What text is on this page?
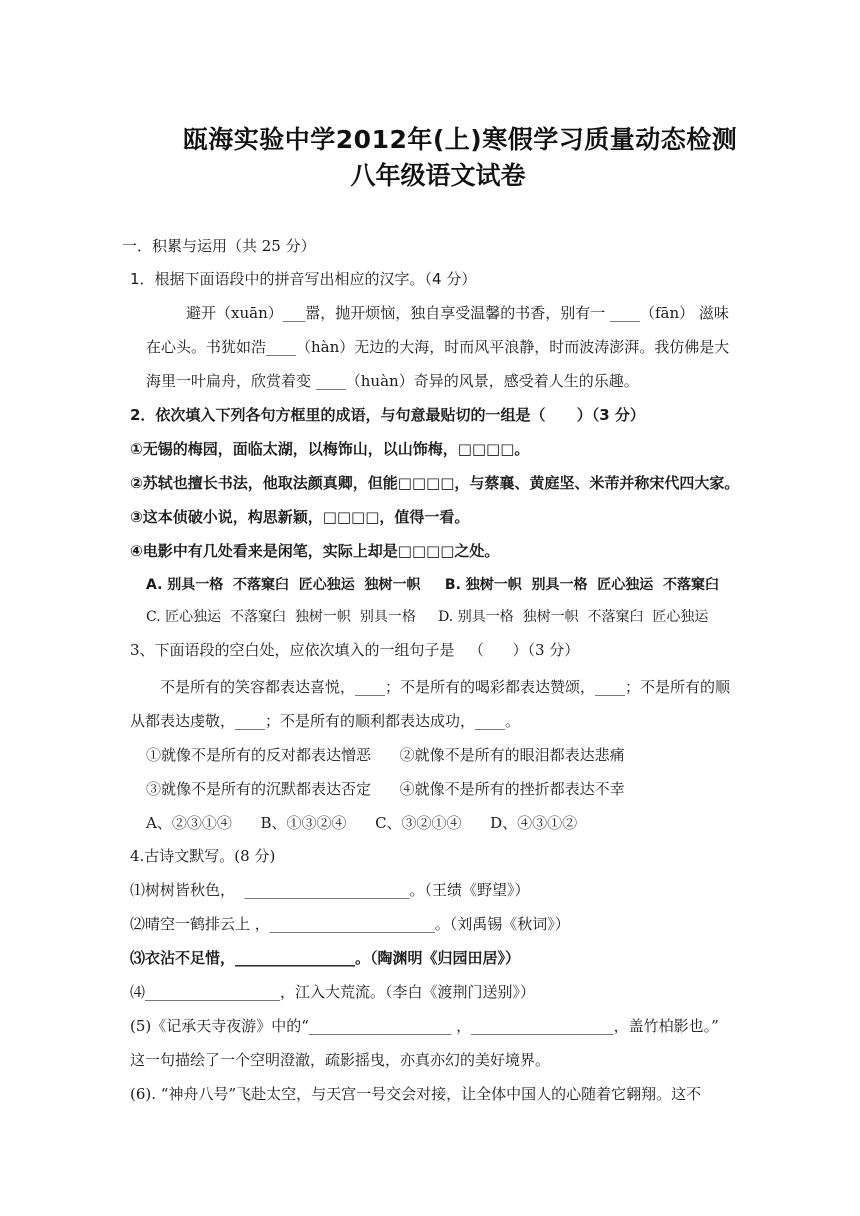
瓯海实验中学2012年(上)寒假学习质量动态检测
八年级语文试卷
一．积累与运用（共 25 分）
1．根据下面语段中的拼音写出相应的汉字。（4 分）
避开（xuān）___嚣，抛开烦恼，独自享受温馨的书香，别有一 ____（fān） 滋味
在心头。书犹如浩____（hàn）无边的大海，时而风平浪静，时而波涛澎湃。我仿佛是大
海里一叶扁舟，欣赏着变 ____（huàn）奇异的风景，感受着人生的乐趣。
2．依次填入下列各句方框里的成语，与句意最贴切的一组是（      ）（3 分）
①无锡的梅园，面临太湖，以梅饰山，以山饰梅，□□□□。
②苏轼也擅长书法，他取法颜真卿，但能□□□□，与蔡襄、黄庭坚、米芾并称宋代四大家。
③这本侦破小说，构思新颖，□□□□，值得一看。
④电影中有几处看来是闲笔，实际上却是□□□□之处。
A. 别具一格  不落窠臼  匠心独运  独树一帜     B. 独树一帜  别具一格  匠心独运  不落窠臼
C. 匠心独运  不落窠臼  独树一帜  别具一格     D. 别具一格  独树一帜  不落窠臼  匠心独运
3、下面语段的空白处，应依次填入的一组句子是   （      ）（3 分）
不是所有的笑容都表达喜悦，____；不是所有的喝彩都表达赞颂，____；不是所有的顺
从都表达虔敬，____；不是所有的顺利都表达成功，____。
①就像不是所有的反对都表达憎恶      ②就像不是所有的眼泪都表达悲痛
③就像不是所有的沉默都表达否定      ④就像不是所有的挫折都表达不幸
A、②③①④      B、①③②④      C、③②①④      D、④③①②
4.古诗文默写。(8 分)
⑴树树皆秋色，  ______________________。（王绩《野望》）
⑵晴空一鹤排云上 ，______________________。（刘禹锡《秋词》）
⑶衣沾不足惜，________________。（陶渊明《归园田居》）
⑷__________________，江入大荒流。（李白《渡荆门送别》）
(5)《记承天寺夜游》中的“___________________ ，___________________，盖竹柏影也。”
这一句描绘了一个空明澄澈，疏影摇曳，亦真亦幻的美好境界。
(6). “神舟八号”飞赴太空，与天宫一号交会对接，让全体中国人的心随着它翱翔。这不
